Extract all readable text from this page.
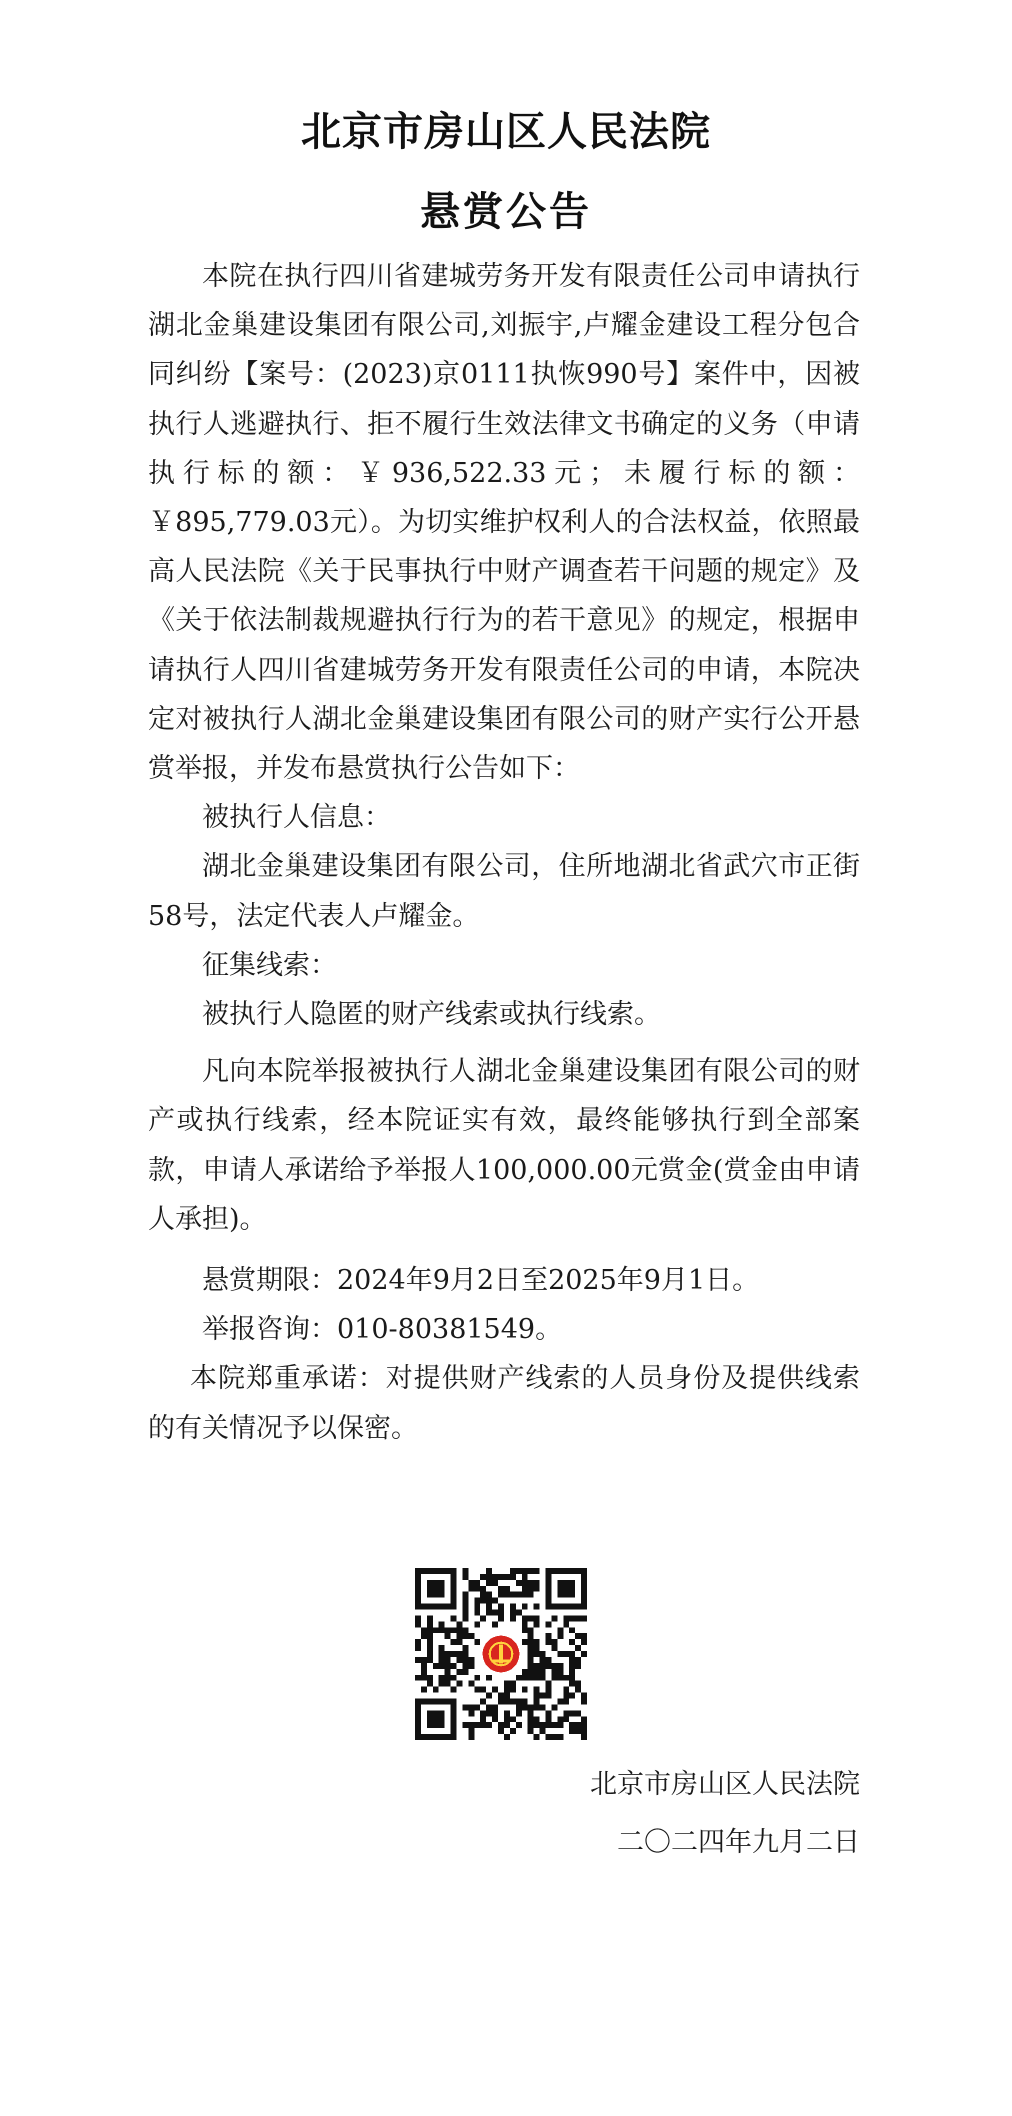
北京市房山区人民法院
悬赏公告

本院在执行四川省建城劳务开发有限责任公司申请执行湖北金巢建设集团有限公司,刘振宇,卢耀金建设工程分包合同纠纷【案号：(2023)京0111执恢990号】案件中，因被执行人逃避执行、拒不履行生效法律文书确定的义务（申请执行标的额：￥936,522.33元；未履行标的额：￥895,779.03元）。为切实维护权利人的合法权益，依照最高人民法院《关于民事执行中财产调查若干问题的规定》及《关于依法制裁规避执行行为的若干意见》的规定，根据申请执行人四川省建城劳务开发有限责任公司的申请，本院决定对被执行人湖北金巢建设集团有限公司的财产实行公开悬赏举报，并发布悬赏执行公告如下：

被执行人信息：

湖北金巢建设集团有限公司，住所地湖北省武穴市正街58号，法定代表人卢耀金。

征集线索：

被执行人隐匿的财产线索或执行线索。

凡向本院举报被执行人湖北金巢建设集团有限公司的财产或执行线索，经本院证实有效，最终能够执行到全部案款，申请人承诺给予举报人100,000.00元赏金(赏金由申请人承担)。

悬赏期限：2024年9月2日至2025年9月1日。

举报咨询：010-80381549。

本院郑重承诺：对提供财产线索的人员身份及提供线索的有关情况予以保密。

北京市房山区人民法院

二〇二四年九月二日
